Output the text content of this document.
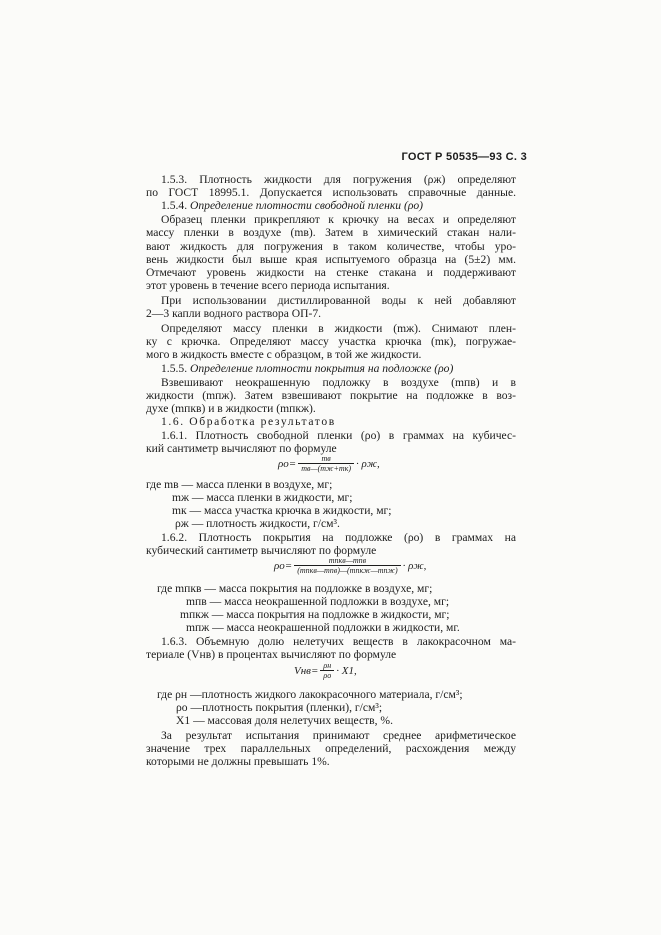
ГОСТ Р 50535—93 С. 3
1.5.3. Плотность жидкости для погружения (ρж) определяют
по ГОСТ 18995.1. Допускается использовать справочные данные.
1.5.4. Определение плотности свободной пленки (ρо)
Образец пленки прикрепляют к крючку на весах и определяют
массу пленки в воздухе (mв). Затем в химический стакан нали-
вают жидкость для погружения в таком количестве, чтобы уро-
вень жидкости был выше края испытуемого образца на (5±2) мм.
Отмечают уровень жидкости на стенке стакана и поддерживают
этот уровень в течение всего периода испытания.
При использовании дистиллированной воды к ней добавляют
2—3 капли водного раствора ОП-7.
Определяют массу пленки в жидкости (mж). Снимают плен-
ку с крючка. Определяют массу участка крючка (mк), погружае-
мого в жидкость вместе с образцом, в той же жидкости.
1.5.5. Определение плотности покрытия на подложке (ρо)
Взвешивают неокрашенную подложку в воздухе (mпв) и в
жидкости (mпж). Затем взвешивают покрытие на подложке в воз-
духе (mпкв) и в жидкости (mпкж).
1.6. Обработка результатов
1.6.1. Плотность свободной пленки (ρо) в граммах на кубичес-
кий сантиметр вычисляют по формуле
$\rho о= \frac{mв}{mв—(mж+mк)} \cdot \rho ж$,
где mв — масса пленки в воздухе, мг;
mж — масса пленки в жидкости, мг;
mк — масса участка крючка в жидкости, мг;
ρж — плотность жидкости, г/см³.
1.6.2. Плотность покрытия на подложке (ρо) в граммах на
кубический сантиметр вычисляют по формуле
$\rho о= \frac{\text{mпкв—mпв}}{\text{(mпкв—mпв)—(mпкж—mпж)}} \cdot \rho ж$,
где mпкв — масса покрытия на подложке в воздухе, мг;
mпв — масса неокрашенной подложки в воздухе, мг;
mпкж — масса покрытия на подложке в жидкости, мг;
mпж — масса неокрашенной подложки в жидкости, мг.
1.6.3. Объемную долю нелетучих веществ в лакокрасочном ма-
териале (Vнв) в процентах вычисляют по формуле
$Vнв= \frac{\rho н}{\rho о} \cdot X1$,
где ρн —плотность жидкого лакокрасочного материала, г/см³;
ρо —плотность покрытия (пленки), г/см³;
X1 — массовая доля нелетучих веществ, %.
За результат испытания принимают среднее арифметическое
значение трех параллельных определений, расхождения между
которыми не должны превышать 1%.
